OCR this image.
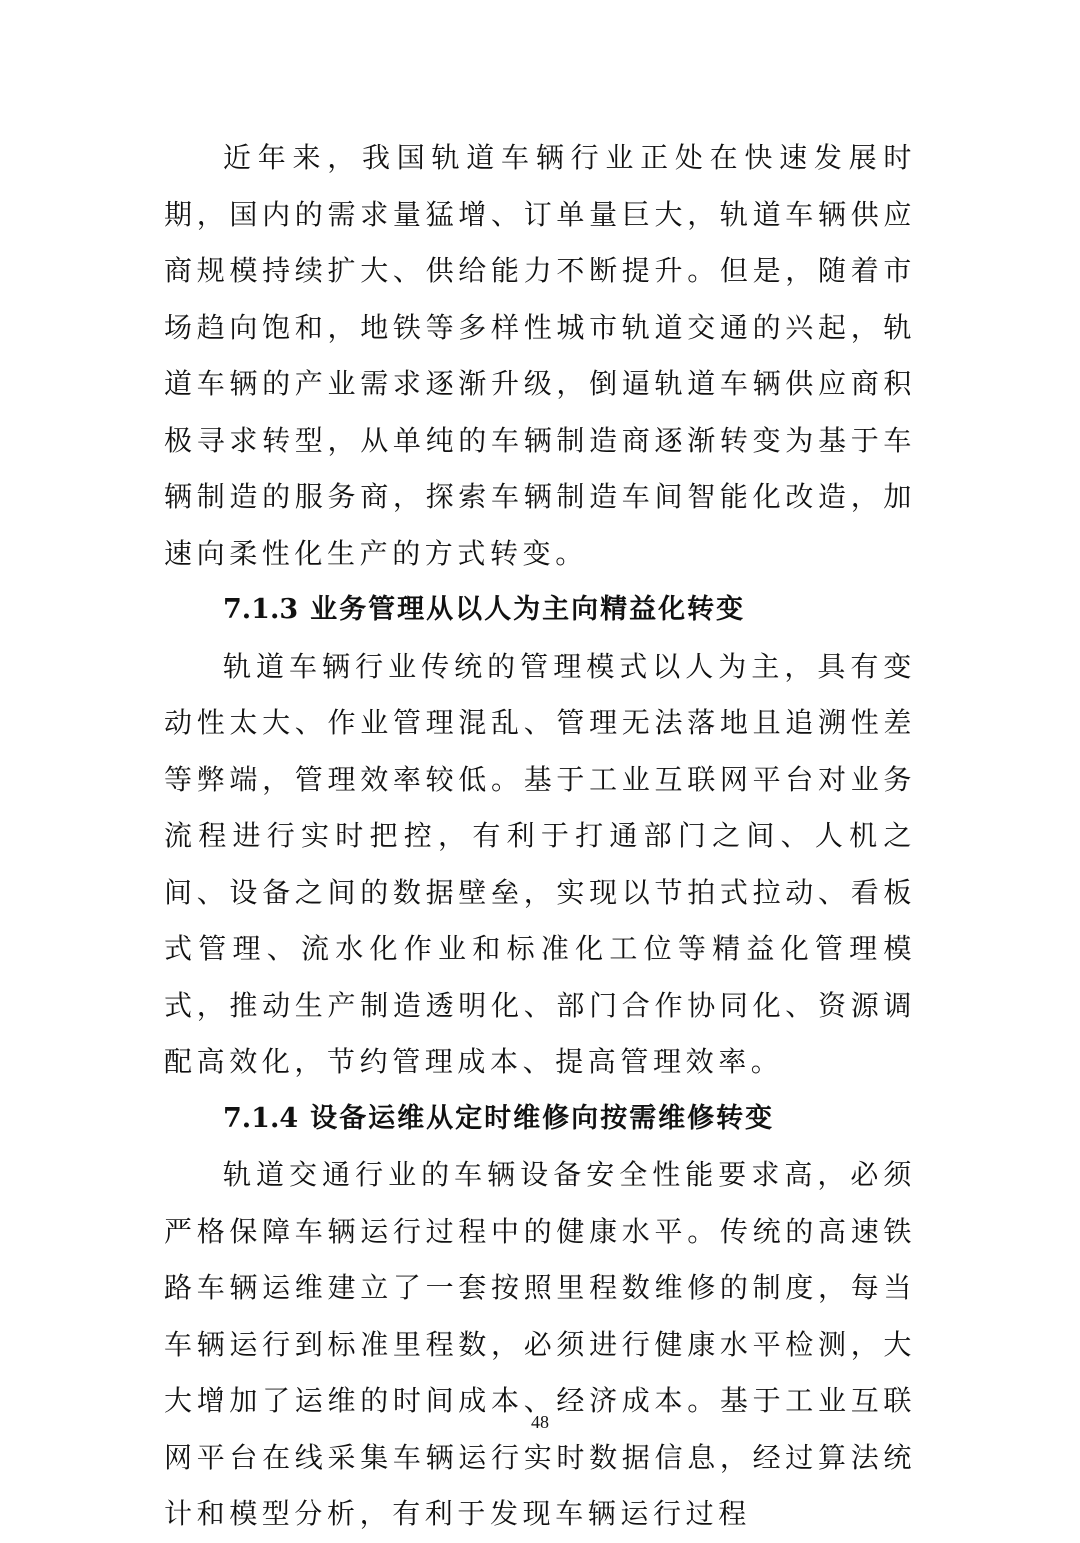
近年来，我国轨道车辆行业正处在快速发展时期，国内的需求量猛增、订单量巨大，轨道车辆供应商规模持续扩大、供给能力不断提升。但是，随着市场趋向饱和，地铁等多样性城市轨道交通的兴起，轨道车辆的产业需求逐渐升级，倒逼轨道车辆供应商积极寻求转型，从单纯的车辆制造商逐渐转变为基于车辆制造的服务商，探索车辆制造车间智能化改造，加速向柔性化生产的方式转变。

7.1.3 业务管理从以人为主向精益化转变

轨道车辆行业传统的管理模式以人为主，具有变动性太大、作业管理混乱、管理无法落地且追溯性差等弊端，管理效率较低。基于工业互联网平台对业务流程进行实时把控，有利于打通部门之间、人机之间、设备之间的数据壁垒，实现以节拍式拉动、看板式管理、流水化作业和标准化工位等精益化管理模式，推动生产制造透明化、部门合作协同化、资源调配高效化，节约管理成本、提高管理效率。

7.1.4 设备运维从定时维修向按需维修转变

轨道交通行业的车辆设备安全性能要求高，必须严格保障车辆运行过程中的健康水平。传统的高速铁路车辆运维建立了一套按照里程数维修的制度，每当车辆运行到标准里程数，必须进行健康水平检测，大大增加了运维的时间成本、经济成本。基于工业互联网平台在线采集车辆运行实时数据信息，经过算法统计和模型分析，有利于发现车辆运行过程

48
